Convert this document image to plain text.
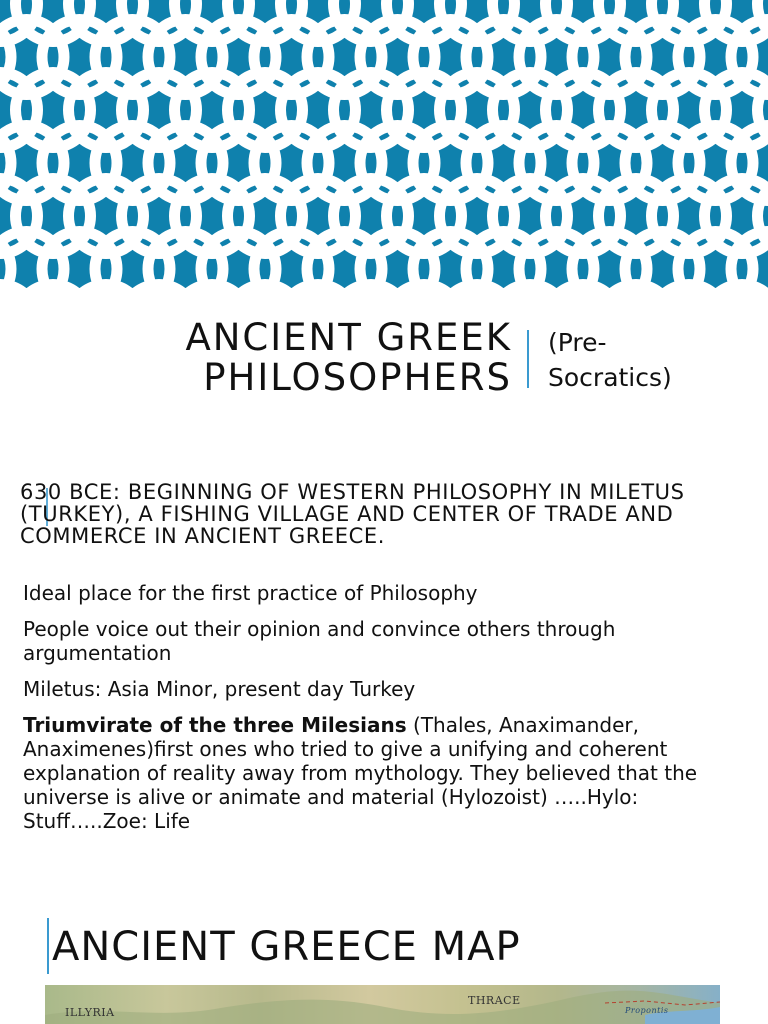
ANCIENT GREEK
PHILOSOPHERS
(Pre-Socratics)
630 BCE: BEGINNING OF WESTERN PHILOSOPHY IN MILETUS (TURKEY), A FISHING VILLAGE AND CENTER OF TRADE AND COMMERCE IN ANCIENT GREECE.
Ideal place for the first practice of Philosophy
People voice out their opinion and convince others through argumentation
Miletus: Asia Minor, present day Turkey
Triumvirate of the three Milesians (Thales, Anaximander, Anaximenes)first ones who tried to give a unifying and coherent explanation of reality away from mythology. They believed that the universe is alive or animate and material (Hylozoist) …..Hylo: Stuff…..Zoe: Life
ANCIENT GREECE MAP
ILLYRIA
THRACE
Propontis
